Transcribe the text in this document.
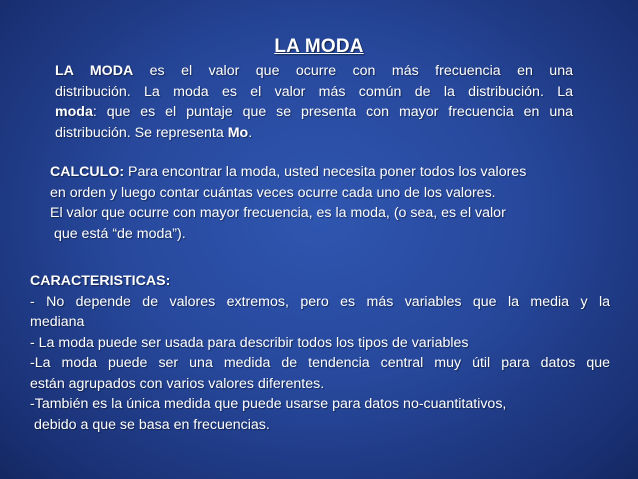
LA MODA
LA MODA es el valor que ocurre con más frecuencia en una
distribución. La moda es el valor más común de la distribución. La
moda: que es el puntaje que se presenta con mayor frecuencia en una
distribución. Se representa Mo.
CALCULO: Para encontrar la moda, usted necesita poner todos los valores
en orden y luego contar cuántas veces ocurre cada uno de los valores.
El valor que ocurre con mayor frecuencia, es la moda, (o sea, es el valor
que está “de moda”).
CARACTERISTICAS:
- No depende de valores extremos, pero es más variables que la media y la
mediana
- La moda puede ser usada para describir todos los tipos de variables
-La moda puede ser una medida de tendencia central muy útil para datos que
están agrupados con varios valores diferentes.
-También es la única medida que puede usarse para datos no-cuantitativos,
debido a que se basa en frecuencias.
